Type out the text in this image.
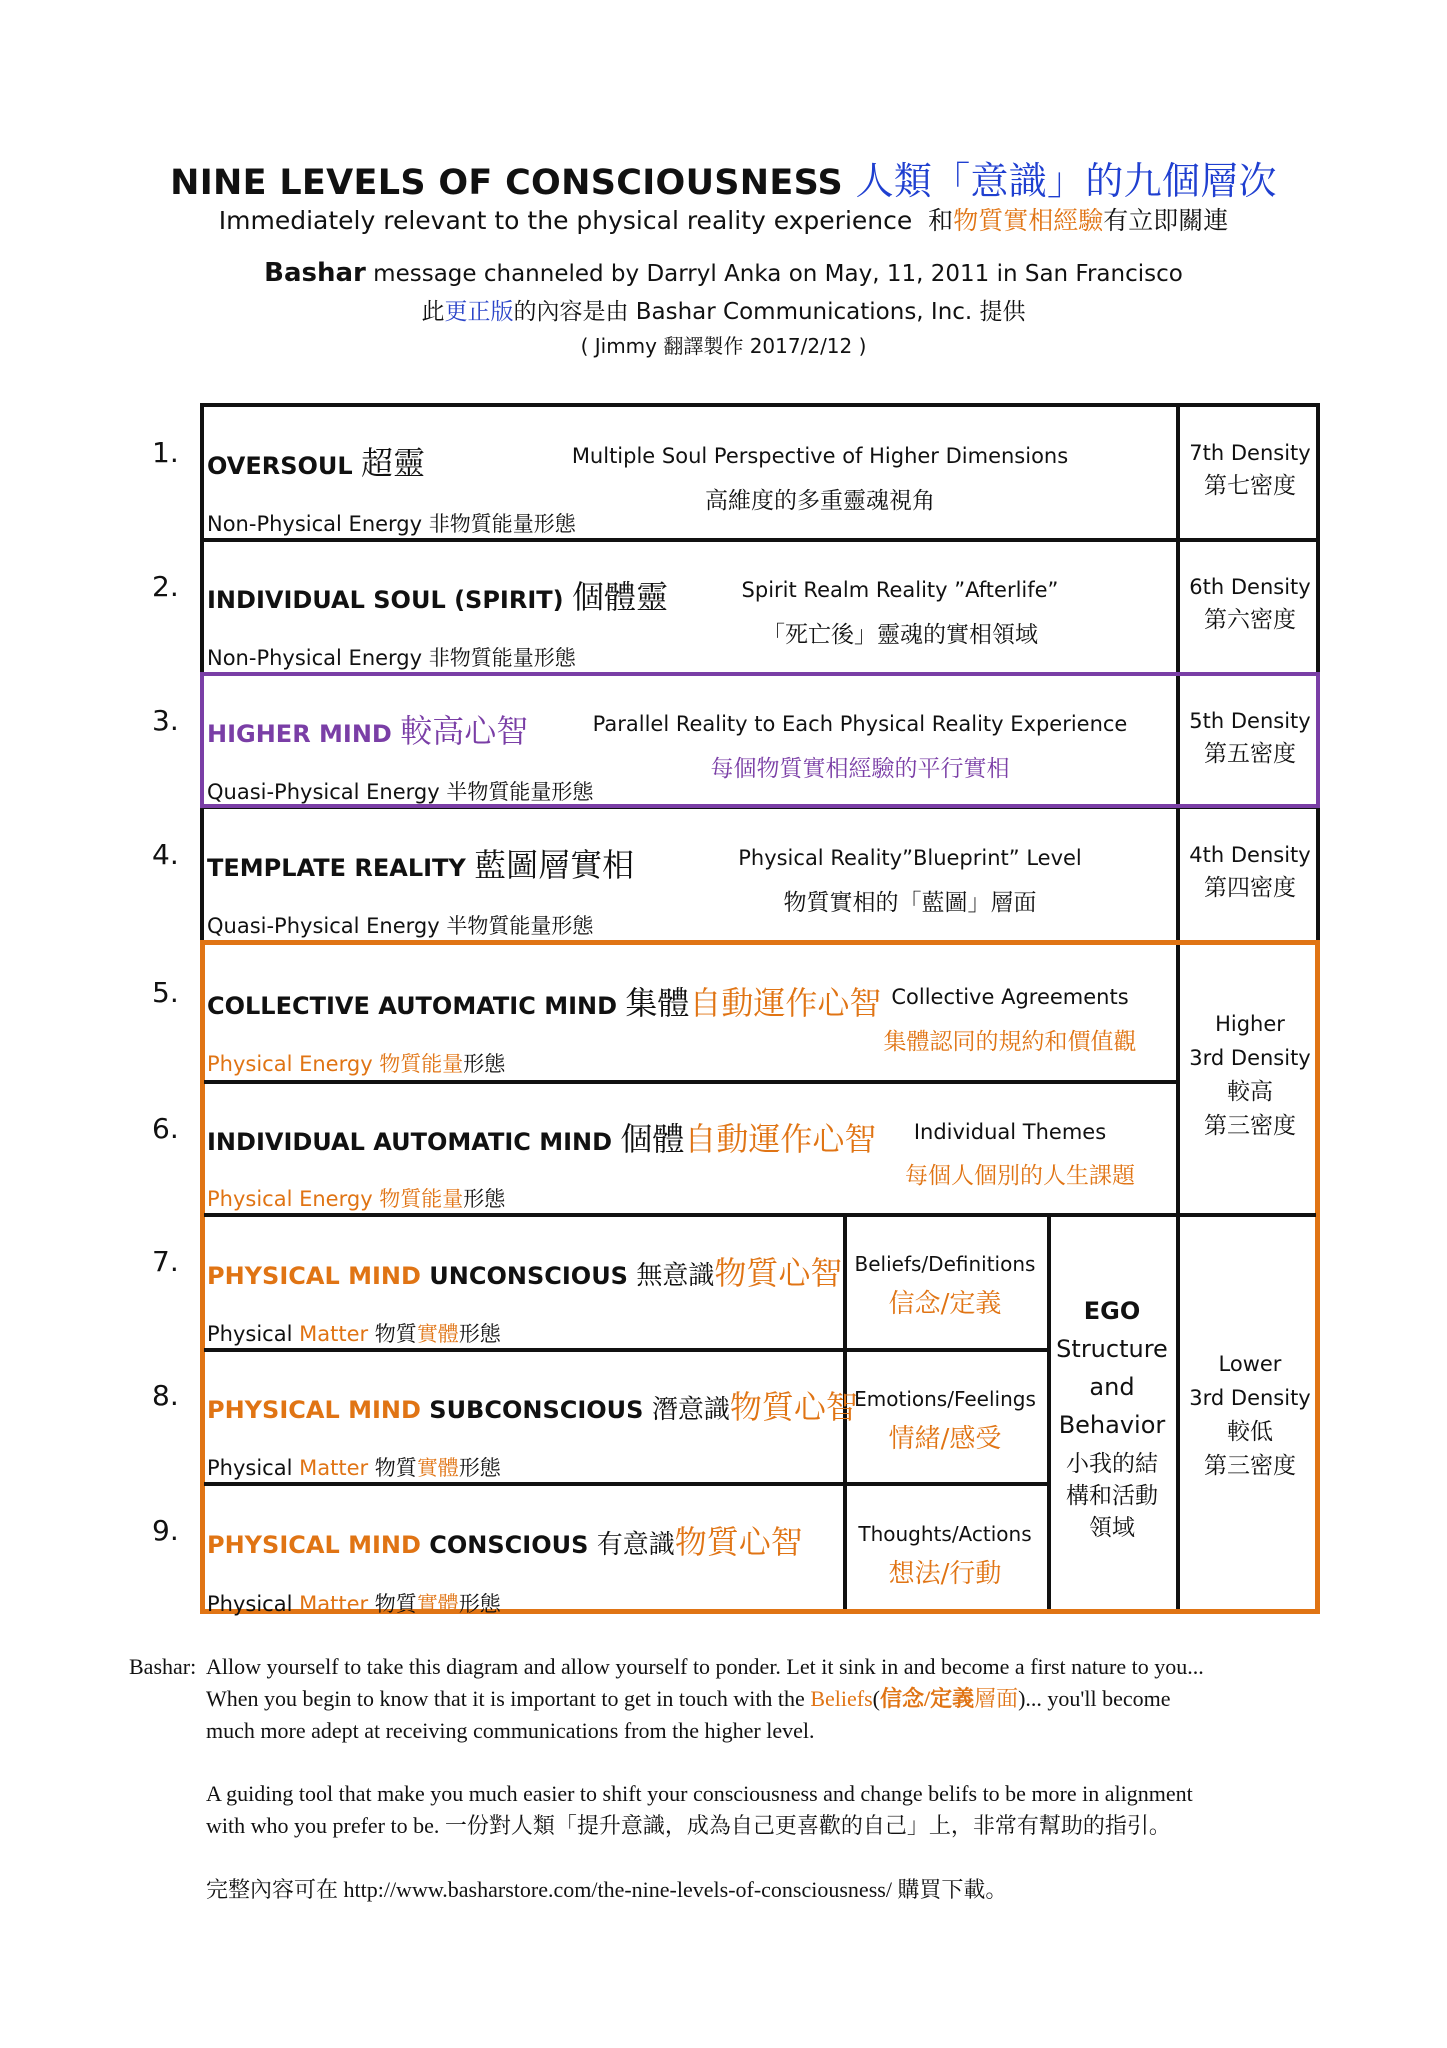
NINE LEVELS OF CONSCIOUSNESS 人類「意識」的九個層次
Immediately relevant to the physical reality experience 和物質實相經驗有立即關連
Bashar message channeled by Darryl Anka on May, 11, 2011 in San Francisco
此更正版的內容是由 Bashar Communications, Inc. 提供
( Jimmy 翻譯製作 2017/2/12 )
1. OVERSOUL 超靈
Non-Physical Energy 非物質能量形態
Multiple Soul Perspective of Higher Dimensions
高維度的多重靈魂視角
7th Density
第七密度
2. INDIVIDUAL SOUL (SPIRIT) 個體靈
Non-Physical Energy 非物質能量形態
Spirit Realm Reality ”Afterlife”
「死亡後」靈魂的實相領域
6th Density
第六密度
3. HIGHER MIND 較高心智
Quasi-Physical Energy 半物質能量形態
Parallel Reality to Each Physical Reality Experience
每個物質實相經驗的平行實相
5th Density
第五密度
4. TEMPLATE REALITY 藍圖層實相
Quasi-Physical Energy 半物質能量形態
Physical Reality”Blueprint” Level
物質實相的「藍圖」層面
4th Density
第四密度
5. COLLECTIVE AUTOMATIC MIND 集體自動運作心智
Physical Energy 物質能量形態
Collective Agreements
集體認同的規約和價值觀
6. INDIVIDUAL AUTOMATIC MIND 個體自動運作心智
Physical Energy 物質能量形態
Individual Themes
每個人個別的人生課題
Higher
3rd Density
較高
第三密度
7. PHYSICAL MIND UNCONSCIOUS 無意識物質心智
Physical Matter 物質實體形態
Beliefs/Definitions
信念/定義
8. PHYSICAL MIND SUBCONSCIOUS 潛意識物質心智
Physical Matter 物質實體形態
Emotions/Feelings
情緒/感受
9. PHYSICAL MIND CONSCIOUS 有意識物質心智
Physical Matter 物質實體形態
Thoughts/Actions
想法/行動
EGO
Structure
and
Behavior
小我的結
構和活動
領域
Lower
3rd Density
較低
第三密度
Bashar: Allow yourself to take this diagram and allow yourself to ponder. Let it sink in and become a first nature to you...
When you begin to know that it is important to get in touch with the Beliefs(信念/定義層面)... you'll become
much more adept at receiving communications from the higher level.
A guiding tool that make you much easier to shift your consciousness and change belifs to be more in alignment
with who you prefer to be. 一份對人類「提升意識，成為自己更喜歡的自己」上，非常有幫助的指引。
完整內容可在 http://www.basharstore.com/the-nine-levels-of-consciousness/ 購買下載。
